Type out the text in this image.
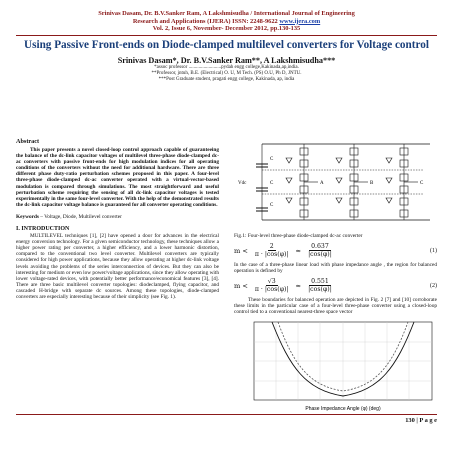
Srinivas Dasam, Dr. B.V.Sanker Ram, A Lakshmisudha / International Journal of Engineering
Research and Applications (IJERA) ISSN: 2248-9622 www.ijera.com
Vol. 2, Issue 6, November- December 2012, pp.130-135
Using Passive Front-ends on Diode-clamped multilevel converters for Voltage control
Srinivas Dasam*, Dr. B.V.Sanker Ram**, A Lakshmisudha***
*assoc professor ..........................pydah engg college,Kakinada,ap,india.
**Professor, jntuh, B.E. (Electrical) O. U, M Tech. (PS) O.U, Ph D, JNTU.
***Post Graduate student, pragati engg college, Kakinada, ap, india
Abstract

This paper presents a novel closed-loop control approach capable of guaranteeing the balance of the dc-link capacitor voltages of multilevel three-phase diode-clamped dc-ac converters with passive front-ends for high modulation indices for all operating conditions of the converters without the need for additional hardware. There are three different phase duty-ratio perturbation schemes proposed in this paper. A four-level three-phase diode-clamped dc-ac converter operated with a virtual-vector-based modulation is compared through simulations. The most straightforward and useful perturbation scheme requiring the sensing of all dc-link capacitor voltages is tested experimentally in the same four-level converter. With the help of the demonstrated results the dc-link capacitor voltage balance is guaranteed for all converter operating conditions.

Keywords – Voltage, Diode, Multilevel converter

I. INTRODUCTION

MULTILEVEL techniques [1], [2] have opened a door for advances in the electrical energy conversion technology. For a given semiconductor technology, these techniques allow a higher power rating per converter, a higher efficiency, and a lower harmonic distortion, compared to the conventional two level converter. Multilevel converters are typically considered for high power applications, because they allow operating at higher dc-link voltage levels avoiding the problems of the series interconnection of devices. But they can also be interesting for medium or even low power/voltage applications, since they allow operating with lower voltage-rated devices, with potentially better performance/economical features [3], [4]. There are three basic multilevel converter topologies: diodeclamped, flying capacitor, and cascaded H-bridge with separate dc sources. Among these topologies, diode-clamped converters are especially interesting because of their simplicity (see Fig. 1).

C
C
C
Vdc	A	B	C

Fig.1: Four-level three-phase diode-clamped dc-ac converter

$m < \frac{2}{\pi \cdot |\cos(\varphi)|} \approx \frac{0.637}{|\cos(\varphi)|}$	(1)

In the case of a three-phase linear load with phase impedance angle , the region for balanced operation is defined by

$m < \frac{√3}{\pi \cdot |\cos(\varphi)|} \approx \frac{0.551}{|\cos(\varphi)|}$	(2)

These boundaries for balanced operation are depicted in Fig. 2 [7] and [10] corroborate these limits in the particular case of a four-level three-phase converter using a closed-loop control tied to a conventional nearest-three space vector

Phase Impedance Angle (φ) (deg)
130 | P a g e
